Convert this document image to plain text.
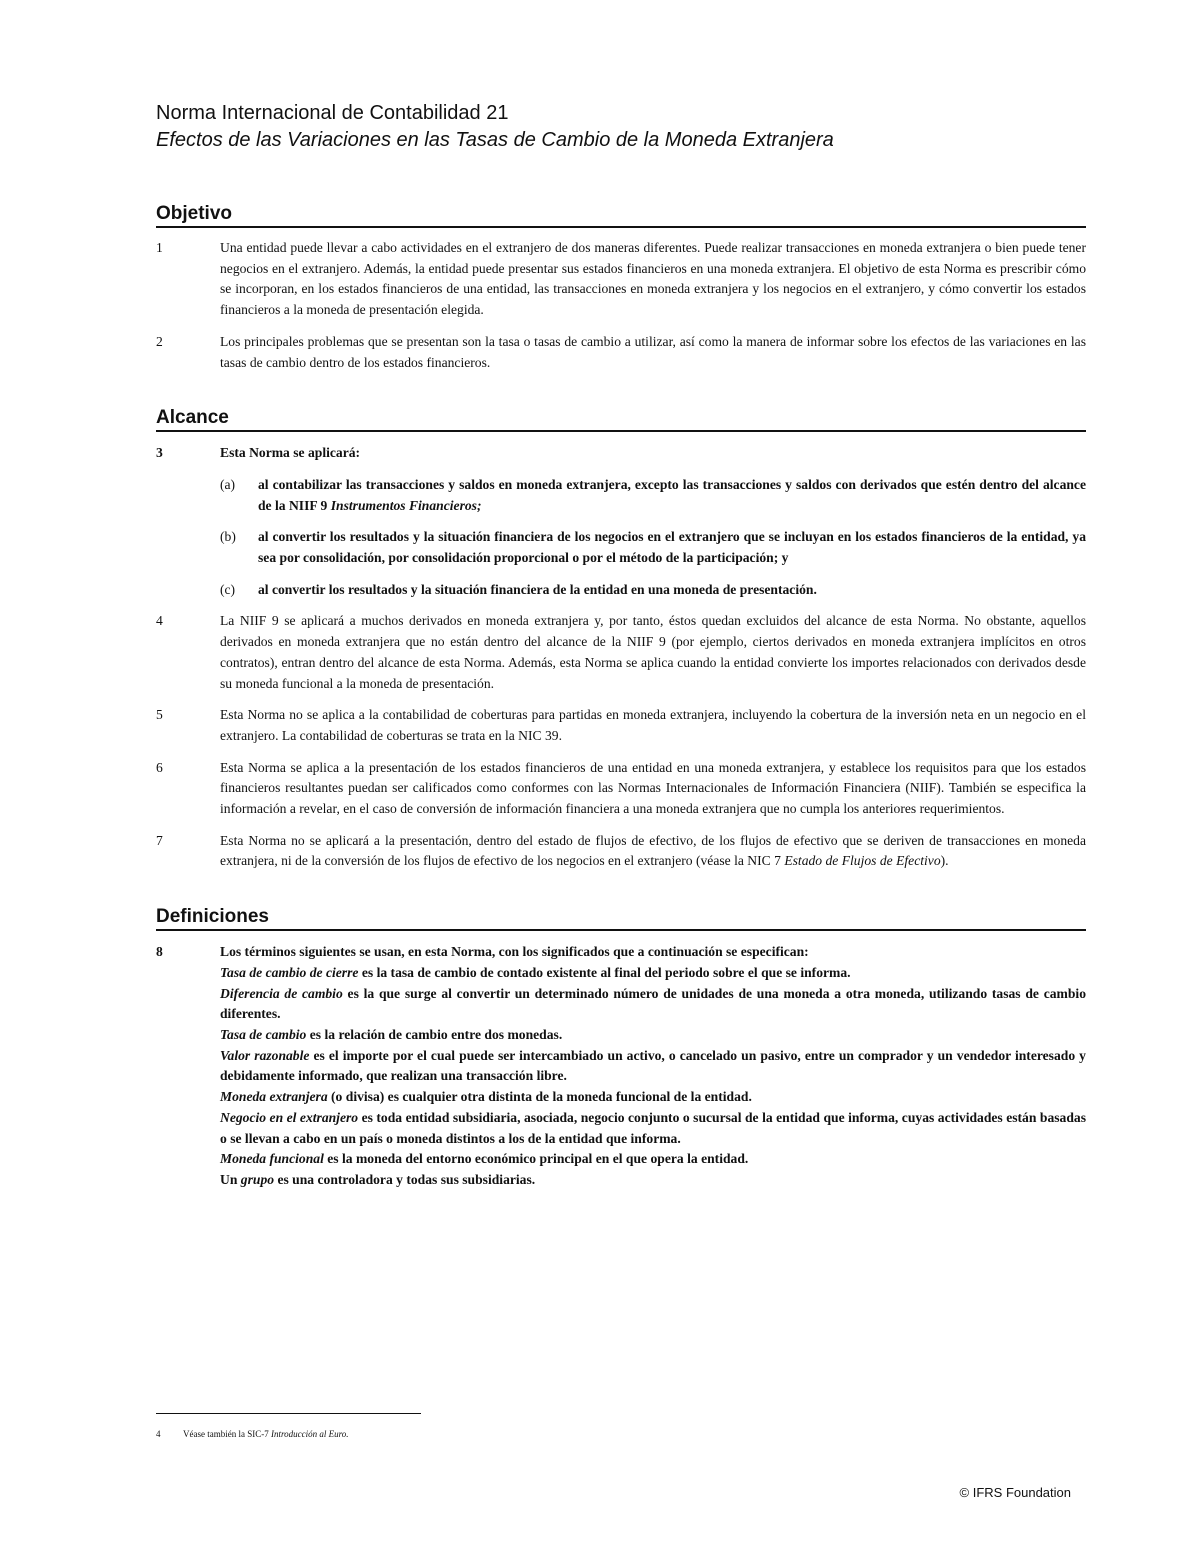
Norma Internacional de Contabilidad 21

Efectos de las Variaciones en las Tasas de Cambio de la Moneda Extranjera

Objetivo
1	Una entidad puede llevar a cabo actividades en el extranjero de dos maneras diferentes. Puede realizar transacciones en moneda extranjera o bien puede tener negocios en el extranjero. Además, la entidad puede presentar sus estados financieros en una moneda extranjera. El objetivo de esta Norma es prescribir cómo se incorporan, en los estados financieros de una entidad, las transacciones en moneda extranjera y los negocios en el extranjero, y cómo convertir los estados financieros a la moneda de presentación elegida.

2	Los principales problemas que se presentan son la tasa o tasas de cambio a utilizar, así como la manera de informar sobre los efectos de las variaciones en las tasas de cambio dentro de los estados financieros.

Alcance
3	Esta Norma se aplicará:

(a) al contabilizar las transacciones y saldos en moneda extranjera, excepto las transacciones y saldos con derivados que estén dentro del alcance de la NIIF 9 Instrumentos Financieros;

(b) al convertir los resultados y la situación financiera de los negocios en el extranjero que se incluyan en los estados financieros de la entidad, ya sea por consolidación, por consolidación proporcional o por el método de la participación; y

(c) al convertir los resultados y la situación financiera de la entidad en una moneda de presentación.

4	La NIIF 9 se aplicará a muchos derivados en moneda extranjera y, por tanto, éstos quedan excluidos del alcance de esta Norma. No obstante, aquellos derivados en moneda extranjera que no están dentro del alcance de la NIIF 9 (por ejemplo, ciertos derivados en moneda extranjera implícitos en otros contratos), entran dentro del alcance de esta Norma. Además, esta Norma se aplica cuando la entidad convierte los importes relacionados con derivados desde su moneda funcional a la moneda de presentación.

5	Esta Norma no se aplica a la contabilidad de coberturas para partidas en moneda extranjera, incluyendo la cobertura de la inversión neta en un negocio en el extranjero. La contabilidad de coberturas se trata en la NIC 39.

6	Esta Norma se aplica a la presentación de los estados financieros de una entidad en una moneda extranjera, y establece los requisitos para que los estados financieros resultantes puedan ser calificados como conformes con las Normas Internacionales de Información Financiera (NIIF). También se especifica la información a revelar, en el caso de conversión de información financiera a una moneda extranjera que no cumpla los anteriores requerimientos.

7	Esta Norma no se aplicará a la presentación, dentro del estado de flujos de efectivo, de los flujos de efectivo que se deriven de transacciones en moneda extranjera, ni de la conversión de los flujos de efectivo de los negocios en el extranjero (véase la NIC 7 Estado de Flujos de Efectivo).

Definiciones
8	Los términos siguientes se usan, en esta Norma, con los significados que a continuación se especifican:

Tasa de cambio de cierre es la tasa de cambio de contado existente al final del periodo sobre el que se informa.

Diferencia de cambio es la que surge al convertir un determinado número de unidades de una moneda a otra moneda, utilizando tasas de cambio diferentes.

Tasa de cambio es la relación de cambio entre dos monedas.

Valor razonable es el importe por el cual puede ser intercambiado un activo, o cancelado un pasivo, entre un comprador y un vendedor interesado y debidamente informado, que realizan una transacción libre.

Moneda extranjera (o divisa) es cualquier otra distinta de la moneda funcional de la entidad.

Negocio en el extranjero es toda entidad subsidiaria, asociada, negocio conjunto o sucursal de la entidad que informa, cuyas actividades están basadas o se llevan a cabo en un país o moneda distintos a los de la entidad que informa.

Moneda funcional es la moneda del entorno económico principal en el que opera la entidad.

Un grupo es una controladora y todas sus subsidiarias.

4	Véase también la SIC-7 Introducción al Euro.
© IFRS Foundation
